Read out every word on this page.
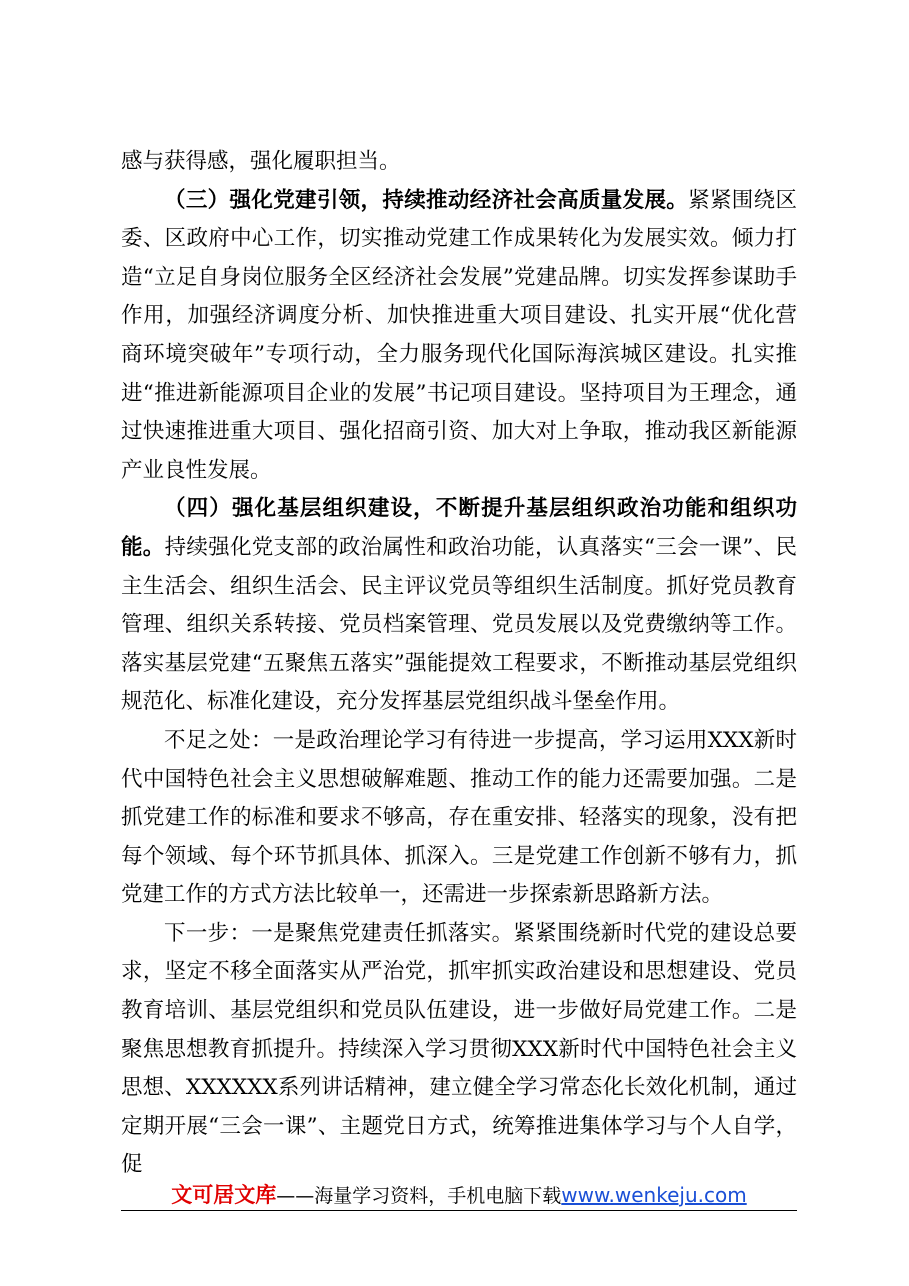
感与获得感，强化履职担当。

（三）强化党建引领，持续推动经济社会高质量发展。紧紧围绕区委、区政府中心工作，切实推动党建工作成果转化为发展实效。倾力打造“立足自身岗位服务全区经济社会发展”党建品牌。切实发挥参谋助手作用，加强经济调度分析、加快推进重大项目建设、扎实开展“优化营商环境突破年”专项行动，全力服务现代化国际海滨城区建设。扎实推进“推进新能源项目企业的发展”书记项目建设。坚持项目为王理念，通过快速推进重大项目、强化招商引资、加大对上争取，推动我区新能源产业良性发展。

（四）强化基层组织建设，不断提升基层组织政治功能和组织功能。持续强化党支部的政治属性和政治功能，认真落实“三会一课”、民主生活会、组织生活会、民主评议党员等组织生活制度。抓好党员教育管理、组织关系转接、党员档案管理、党员发展以及党费缴纳等工作。落实基层党建“五聚焦五落实”强能提效工程要求，不断推动基层党组织规范化、标准化建设，充分发挥基层党组织战斗堡垒作用。

不足之处：一是政治理论学习有待进一步提高，学习运用XXX新时代中国特色社会主义思想破解难题、推动工作的能力还需要加强。二是抓党建工作的标准和要求不够高，存在重安排、轻落实的现象，没有把每个领域、每个环节抓具体、抓深入。三是党建工作创新不够有力，抓党建工作的方式方法比较单一，还需进一步探索新思路新方法。

下一步：一是聚焦党建责任抓落实。紧紧围绕新时代党的建设总要求，坚定不移全面落实从严治党，抓牢抓实政治建设和思想建设、党员教育培训、基层党组织和党员队伍建设，进一步做好局党建工作。二是聚焦思想教育抓提升。持续深入学习贯彻XXX新时代中国特色社会主义思想、XXXXXX系列讲话精神，建立健全学习常态化长效化机制，通过定期开展“三会一课”、主题党日方式，统筹推进集体学习与个人自学，促

文可居文库——海量学习资料，手机电脑下载www.wenkeju.com
